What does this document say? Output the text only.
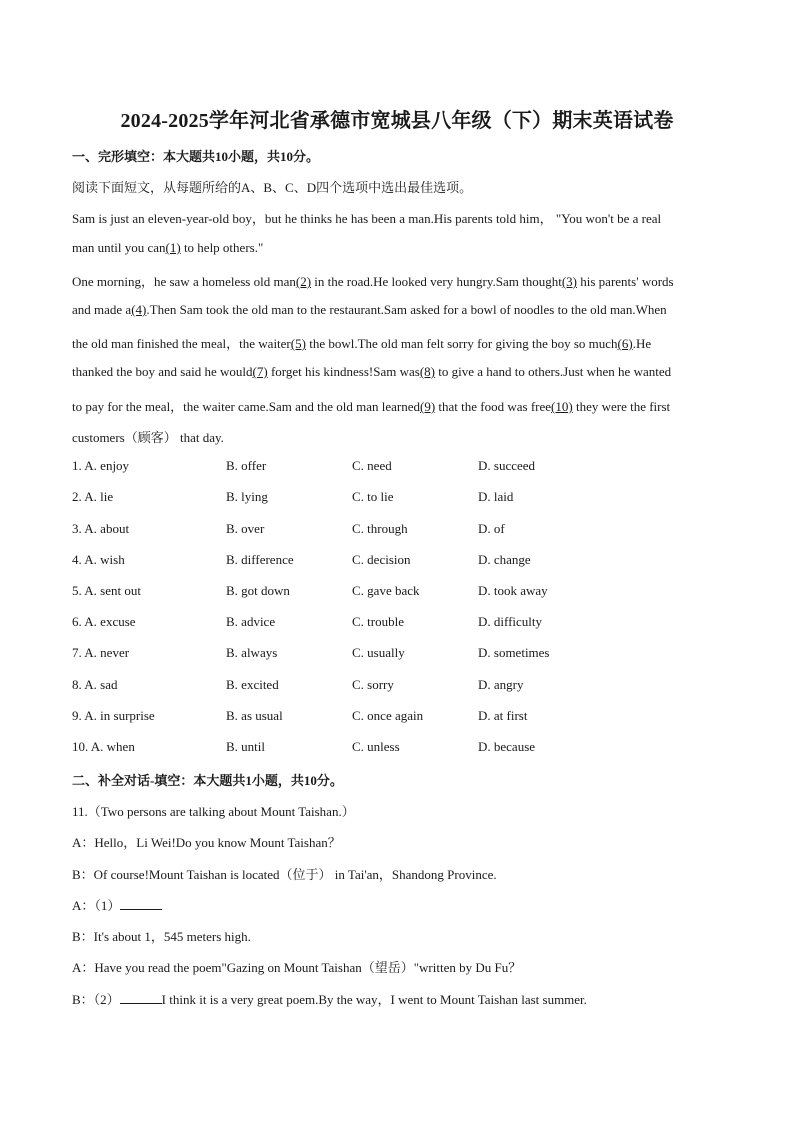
2024-2025学年河北省承德市宽城县八年级（下）期末英语试卷
一、完形填空：本大题共10小题，共10分。
阅读下面短文，从每题所给的A、B、C、D四个选项中选出最佳选项。
Sam is just an eleven-year-old boy，but he thinks he has been a man.His parents told him， "You won't be a real
man until you can(1) to help others."
One morning，he saw a homeless old man(2) in the road.He looked very hungry.Sam thought(3) his parents' words
and made a(4).Then Sam took the old man to the restaurant.Sam asked for a bowl of noodles to the old man.When
the old man finished the meal，the waiter(5) the bowl.The old man felt sorry for giving the boy so much(6).He
thanked the boy and said he would(7) forget his kindness!Sam was(8) to give a hand to others.Just when he wanted
to pay for the meal，the waiter came.Sam and the old man learned(9) that the food was free(10) they were the first
customers（顾客） that day.
1. A. enjoy	B. offer	C. need	D. succeed
2. A. lie	B. lying	C. to lie	D. laid
3. A. about	B. over	C. through	D. of
4. A. wish	B. difference	C. decision	D. change
5. A. sent out	B. got down	C. gave back	D. took away
6. A. excuse	B. advice	C. trouble	D. difficulty
7. A. never	B. always	C. usually	D. sometimes
8. A. sad	B. excited	C. sorry	D. angry
9. A. in surprise	B. as usual	C. once again	D. at first
10. A. when	B. until	C. unless	D. because
二、补全对话-填空：本大题共1小题，共10分。
11.（Two persons are talking about Mount Taishan.）
A：Hello，Li Wei!Do you know Mount Taishan？
B：Of course!Mount Taishan is located（位于） in Tai'an，Shandong Province.
A：（1）
B：It's about 1，545 meters high.
A：Have you read the poem"Gazing on Mount Taishan（望岳）"written by Du Fu？
B：（2）	I think it is a very great poem.By the way，I went to Mount Taishan last summer.
